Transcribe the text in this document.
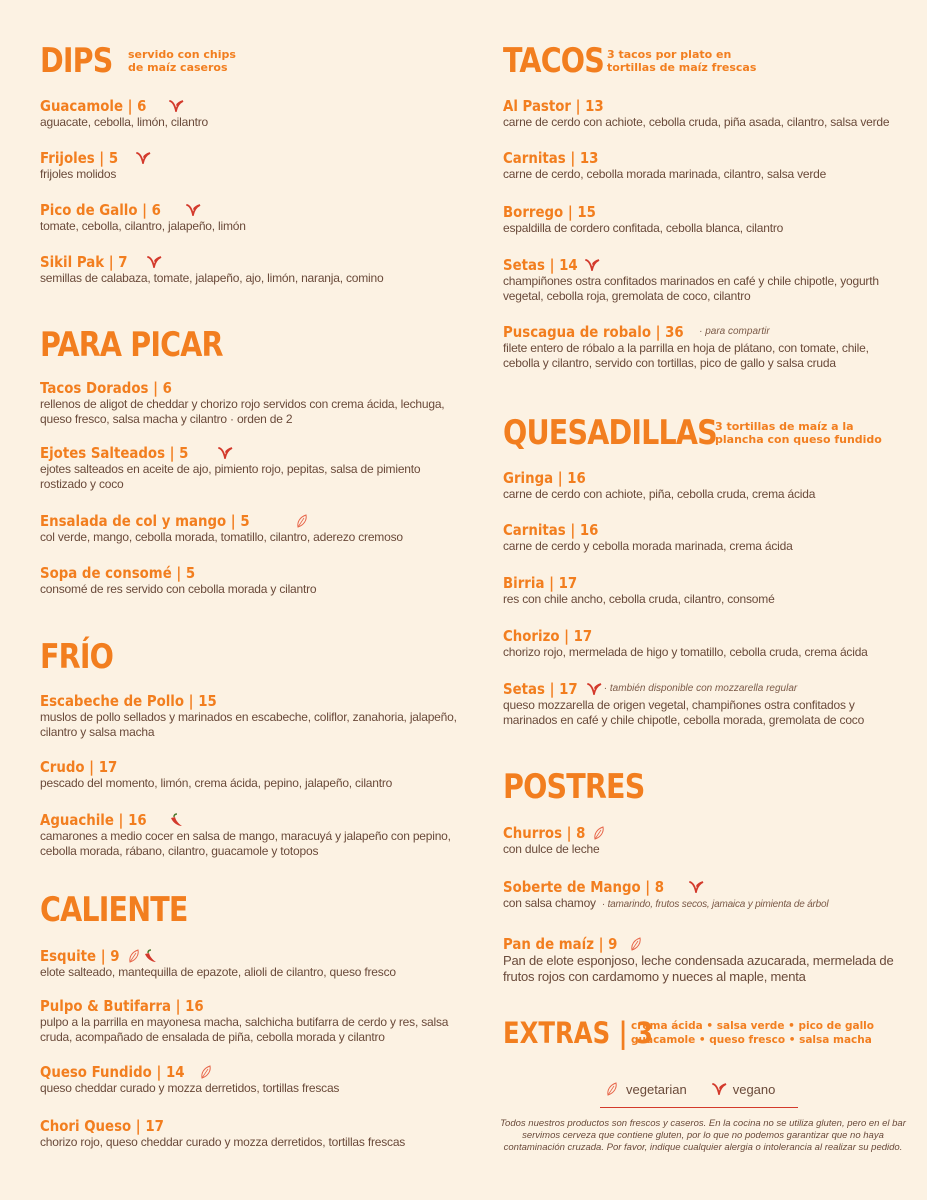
DIPS servido con chips
de maíz caseros
Guacamole | 6
aguacate, cebolla, limón, cilantro
Frijoles | 5
frijoles molidos
Pico de Gallo | 6
tomate, cebolla, cilantro, jalapeño, limón
Sikil Pak | 7
semillas de calabaza, tomate, jalapeño, ajo, limón, naranja, comino
PARA PICAR
Tacos Dorados | 6
rellenos de aligot de cheddar y chorizo rojo servidos con crema ácida, lechuga, queso fresco, salsa macha y cilantro · orden de 2
Ejotes Salteados | 5
ejotes salteados en aceite de ajo, pimiento rojo, pepitas, salsa de pimiento rostizado y coco
Ensalada de col y mango | 5
col verde, mango, cebolla morada, tomatillo, cilantro, aderezo cremoso
Sopa de consomé | 5
consomé de res servido con cebolla morada y cilantro
FRÍO
Escabeche de Pollo | 15
muslos de pollo sellados y marinados en escabeche, coliflor, zanahoria, jalapeño, cilantro y salsa macha
Crudo | 17
pescado del momento, limón, crema ácida, pepino, jalapeño, cilantro
Aguachile | 16
camarones a medio cocer en salsa de mango, maracuyá y jalapeño con pepino, cebolla morada, rábano, cilantro, guacamole y totopos
CALIENTE
Esquite | 9
elote salteado, mantequilla de epazote, alioli de cilantro, queso fresco
Pulpo & Butifarra | 16
pulpo a la parrilla en mayonesa macha, salchicha butifarra de cerdo y res, salsa cruda, acompañado de ensalada de piña, cebolla morada y cilantro
Queso Fundido | 14
queso cheddar curado y mozza derretidos, tortillas frescas
Chori Queso | 17
chorizo rojo, queso cheddar curado y mozza derretidos, tortillas frescas
TACOS 3 tacos por plato en
tortillas de maíz frescas
Al Pastor | 13
carne de cerdo con achiote, cebolla cruda, piña asada, cilantro, salsa verde
Carnitas | 13
carne de cerdo, cebolla morada marinada, cilantro, salsa verde
Borrego | 15
espaldilla de cordero confitada, cebolla blanca, cilantro
Setas | 14
champiñones ostra confitados marinados en café y chile chipotle, yogurth vegetal, cebolla roja, gremolata de coco, cilantro
Puscagua de robalo | 36 · para compartir
filete entero de róbalo a la parrilla en hoja de plátano, con tomate, chile, cebolla y cilantro, servido con tortillas, pico de gallo y salsa cruda
QUESADILLAS
3 tortillas de maíz a la
plancha con queso fundido
Gringa | 16
carne de cerdo con achiote, piña, cebolla cruda, crema ácida
Carnitas | 16
carne de cerdo y cebolla morada marinada, crema ácida
Birria | 17
res con chile ancho, cebolla cruda, cilantro, consomé
Chorizo | 17
chorizo rojo, mermelada de higo y tomatillo, cebolla cruda, crema ácida
Setas | 17	· también disponible con mozzarella regular
queso mozzarella de origen vegetal, champiñones ostra confitados y marinados en café y chile chipotle, cebolla morada, gremolata de coco
POSTRES
Churros | 8
con dulce de leche
Soberte de Mango | 8
con salsa chamoy · tamarindo, frutos secos, jamaica y pimienta de árbol
Pan de maíz | 9
Pan de elote esponjoso, leche condensada azucarada, mermelada de frutos rojos con cardamomo y nueces al maple, menta
EXTRAS | 3
crema ácida • salsa verde • pico de gallo
guacamole • queso fresco • salsa macha
vegetarian	vegano
Todos nuestros productos son frescos y caseros. En la cocina no se utiliza gluten, pero en el bar servimos cerveza que contiene gluten, por lo que no podemos garantizar que no haya contaminación cruzada. Por favor, indique cualquier alergia o intolerancia al realizar su pedido.
